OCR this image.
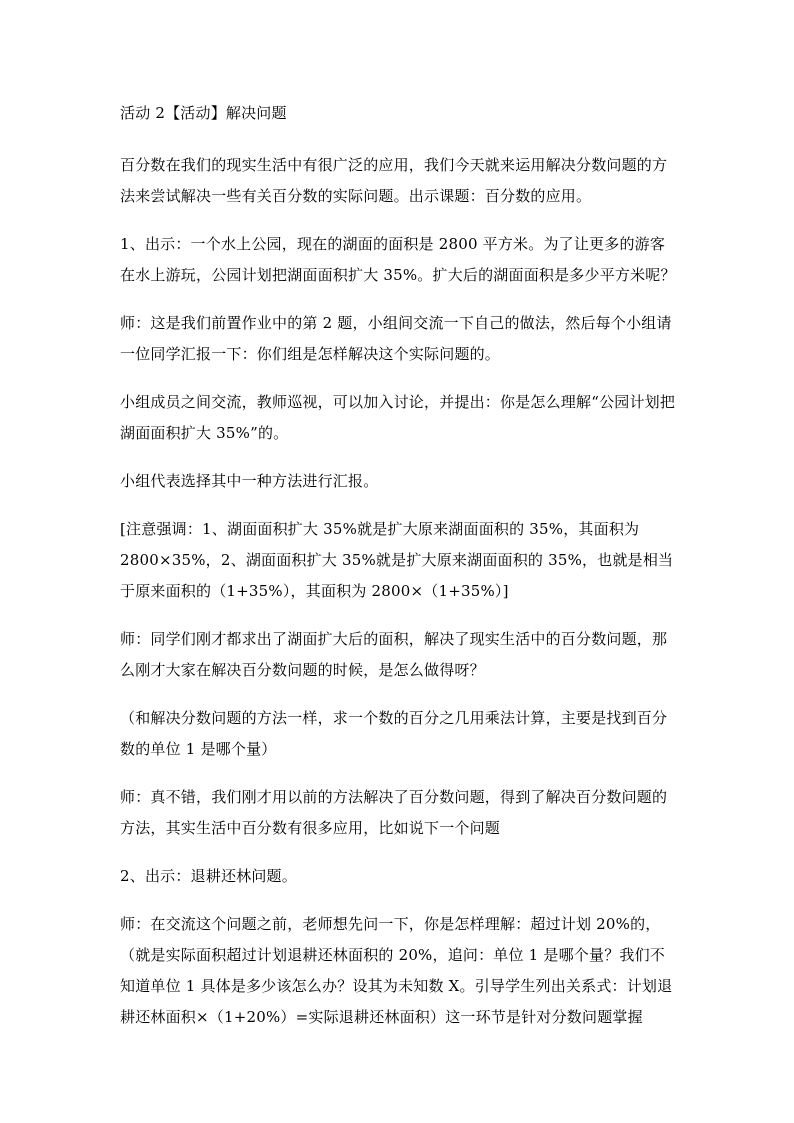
活动 2【活动】解决问题

百分数在我们的现实生活中有很广泛的应用，我们今天就来运用解决分数问题的方法来尝试解决一些有关百分数的实际问题。出示课题：百分数的应用。

1、出示：一个水上公园，现在的湖面的面积是 2800 平方米。为了让更多的游客在水上游玩，公园计划把湖面面积扩大 35%。扩大后的湖面面积是多少平方米呢？

师：这是我们前置作业中的第 2 题，小组间交流一下自己的做法，然后每个小组请一位同学汇报一下：你们组是怎样解决这个实际问题的。

小组成员之间交流，教师巡视，可以加入讨论，并提出：你是怎么理解“公园计划把湖面面积扩大 35%”的。

小组代表选择其中一种方法进行汇报。

[注意强调：1、湖面面积扩大 35%就是扩大原来湖面面积的 35%，其面积为 2800×35%，2、湖面面积扩大 35%就是扩大原来湖面面积的 35%，也就是相当于原来面积的（1+35%），其面积为 2800×（1+35%）]

师：同学们刚才都求出了湖面扩大后的面积，解决了现实生活中的百分数问题，那么刚才大家在解决百分数问题的时候，是怎么做得呀？

（和解决分数问题的方法一样，求一个数的百分之几用乘法计算，主要是找到百分数的单位 1 是哪个量）

师：真不错，我们刚才用以前的方法解决了百分数问题，得到了解决百分数问题的方法，其实生活中百分数有很多应用，比如说下一个问题

2、出示：退耕还林问题。

师：在交流这个问题之前，老师想先问一下，你是怎样理解：超过计划 20%的，（就是实际面积超过计划退耕还林面积的 20%，追问：单位 1 是哪个量？我们不知道单位 1 具体是多少该怎么办？设其为未知数 X。引导学生列出关系式：计划退耕还林面积×（1+20%）=实际退耕还林面积）这一环节是针对分数问题掌握
